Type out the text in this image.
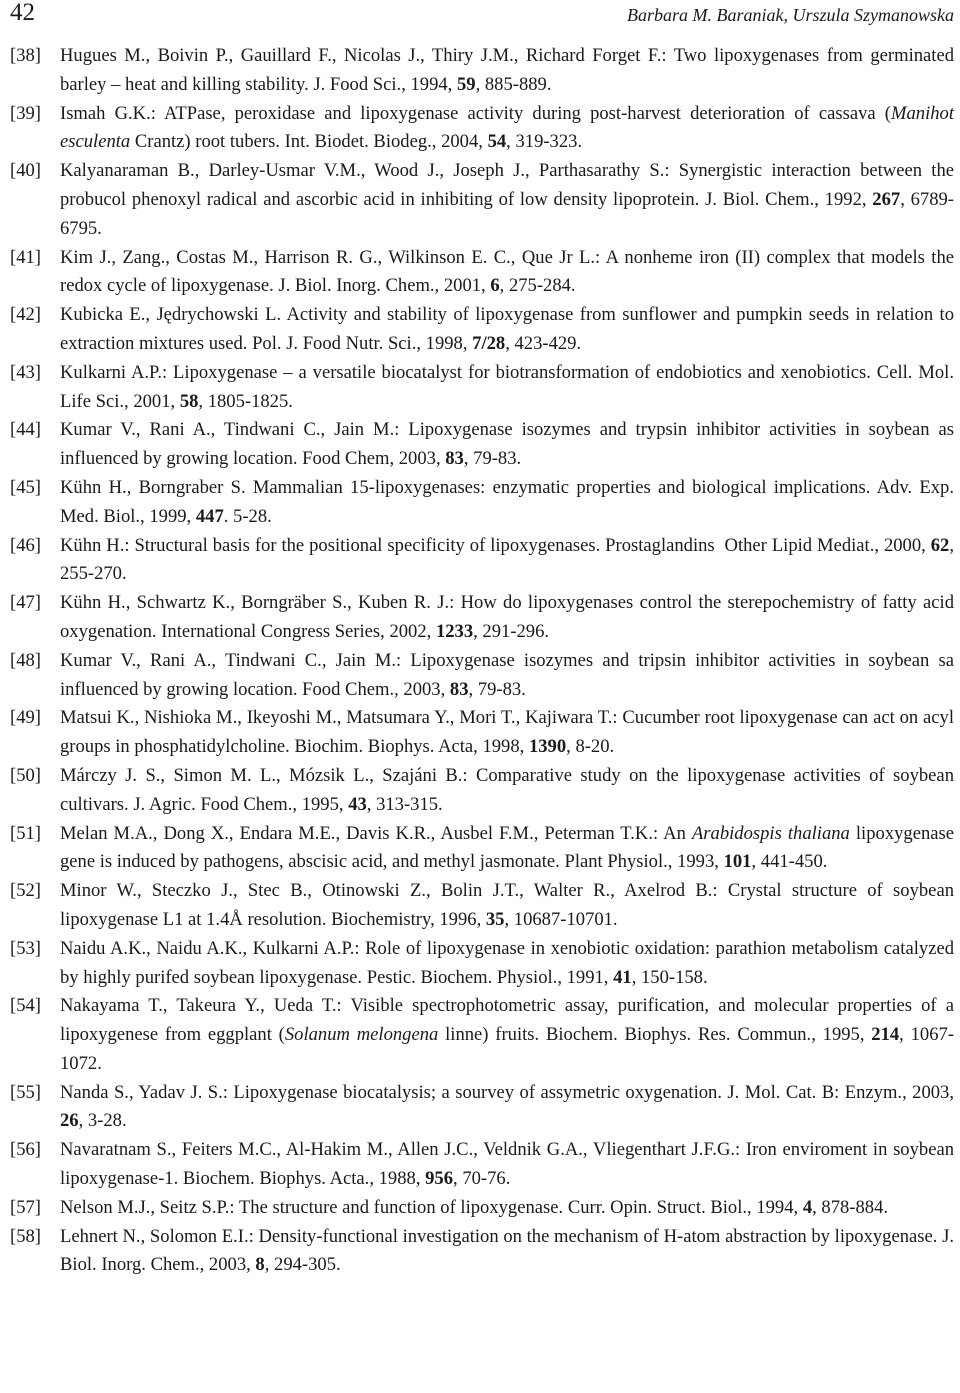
42	Barbara M. Baraniak, Urszula Szymanowska
[38] Hugues M., Boivin P., Gauillard F., Nicolas J., Thiry J.M., Richard Forget F.: Two lipoxygenases from germinated barley – heat and killing stability. J. Food Sci., 1994, 59, 885-889.
[39] Ismah G.K.: ATPase, peroxidase and lipoxygenase activity during post-harvest deterioration of cassava (Manihot esculenta Crantz) root tubers. Int. Biodet. Biodeg., 2004, 54, 319-323.
[40] Kalyanaraman B., Darley-Usmar V.M., Wood J., Joseph J., Parthasarathy S.: Synergistic interaction between the probucol phenoxyl radical and ascorbic acid in inhibiting of low density lipoprotein. J. Biol. Chem., 1992, 267, 6789-6795.
[41] Kim J., Zang., Costas M., Harrison R. G., Wilkinson E. C., Que Jr L.: A nonheme iron (II) complex that models the redox cycle of lipoxygenase. J. Biol. Inorg. Chem., 2001, 6, 275-284.
[42] Kubicka E., Jędrychowski L. Activity and stability of lipoxygenase from sunflower and pumpkin seeds in relation to extraction mixtures used. Pol. J. Food Nutr. Sci., 1998, 7/28, 423-429.
[43] Kulkarni A.P.: Lipoxygenase – a versatile biocatalyst for biotransformation of endobiotics and xenobiotics. Cell. Mol. Life Sci., 2001, 58, 1805-1825.
[44] Kumar V., Rani A., Tindwani C., Jain M.: Lipoxygenase isozymes and trypsin inhibitor activities in soybean as influenced by growing location. Food Chem, 2003, 83, 79-83.
[45] Kühn H., Borngraber S. Mammalian 15-lipoxygenases: enzymatic properties and biological implications. Adv. Exp. Med. Biol., 1999, 447. 5-28.
[46] Kühn H.: Structural basis for the positional specificity of lipoxygenases. Prostaglandins  Other Lipid Mediat., 2000, 62, 255-270.
[47] Kühn H., Schwartz K., Borngräber S., Kuben R. J.: How do lipoxygenases control the sterepochemistry of fatty acid oxygenation. International Congress Series, 2002, 1233, 291-296.
[48] Kumar V., Rani A., Tindwani C., Jain M.: Lipoxygenase isozymes and tripsin inhibitor activities in soybean sa influenced by growing location. Food Chem., 2003, 83, 79-83.
[49] Matsui K., Nishioka M., Ikeyoshi M., Matsumara Y., Mori T., Kajiwara T.: Cucumber root lipoxygenase can act on acyl groups in phosphatidylcholine. Biochim. Biophys. Acta, 1998, 1390, 8-20.
[50] Márczy J. S., Simon M. L., Mózsik L., Szajáni B.: Comparative study on the lipoxygenase activities of soybean cultivars. J. Agric. Food Chem., 1995, 43, 313-315.
[51] Melan M.A., Dong X., Endara M.E., Davis K.R., Ausbel F.M., Peterman T.K.: An Arabidospis thaliana lipoxygenase gene is induced by pathogens, abscisic acid, and methyl jasmonate. Plant Physiol., 1993, 101, 441-450.
[52] Minor W., Steczko J., Stec B., Otinowski Z., Bolin J.T., Walter R., Axelrod B.: Crystal structure of soybean lipoxygenase L1 at 1.4Å resolution. Biochemistry, 1996, 35, 10687-10701.
[53] Naidu A.K., Naidu A.K., Kulkarni A.P.: Role of lipoxygenase in xenobiotic oxidation: parathion metabolism catalyzed by highly purifed soybean lipoxygenase. Pestic. Biochem. Physiol., 1991, 41, 150-158.
[54] Nakayama T., Takeura Y., Ueda T.: Visible spectrophotometric assay, purification, and molecular properties of a lipoxygenese from eggplant (Solanum melongena linne) fruits. Biochem. Biophys. Res. Commun., 1995, 214, 1067-1072.
[55] Nanda S., Yadav J. S.: Lipoxygenase biocatalysis; a sourvey of assymetric oxygenation. J. Mol. Cat. B: Enzym., 2003, 26, 3-28.
[56] Navaratnam S., Feiters M.C., Al-Hakim M., Allen J.C., Veldnik G.A., Vliegenthart J.F.G.: Iron enviroment in soybean lipoxygenase-1. Biochem. Biophys. Acta., 1988, 956, 70-76.
[57] Nelson M.J., Seitz S.P.: The structure and function of lipoxygenase. Curr. Opin. Struct. Biol., 1994, 4, 878-884.
[58] Lehnert N., Solomon E.I.: Density-functional investigation on the mechanism of H-atom abstraction by lipoxygenase. J. Biol. Inorg. Chem., 2003, 8, 294-305.
